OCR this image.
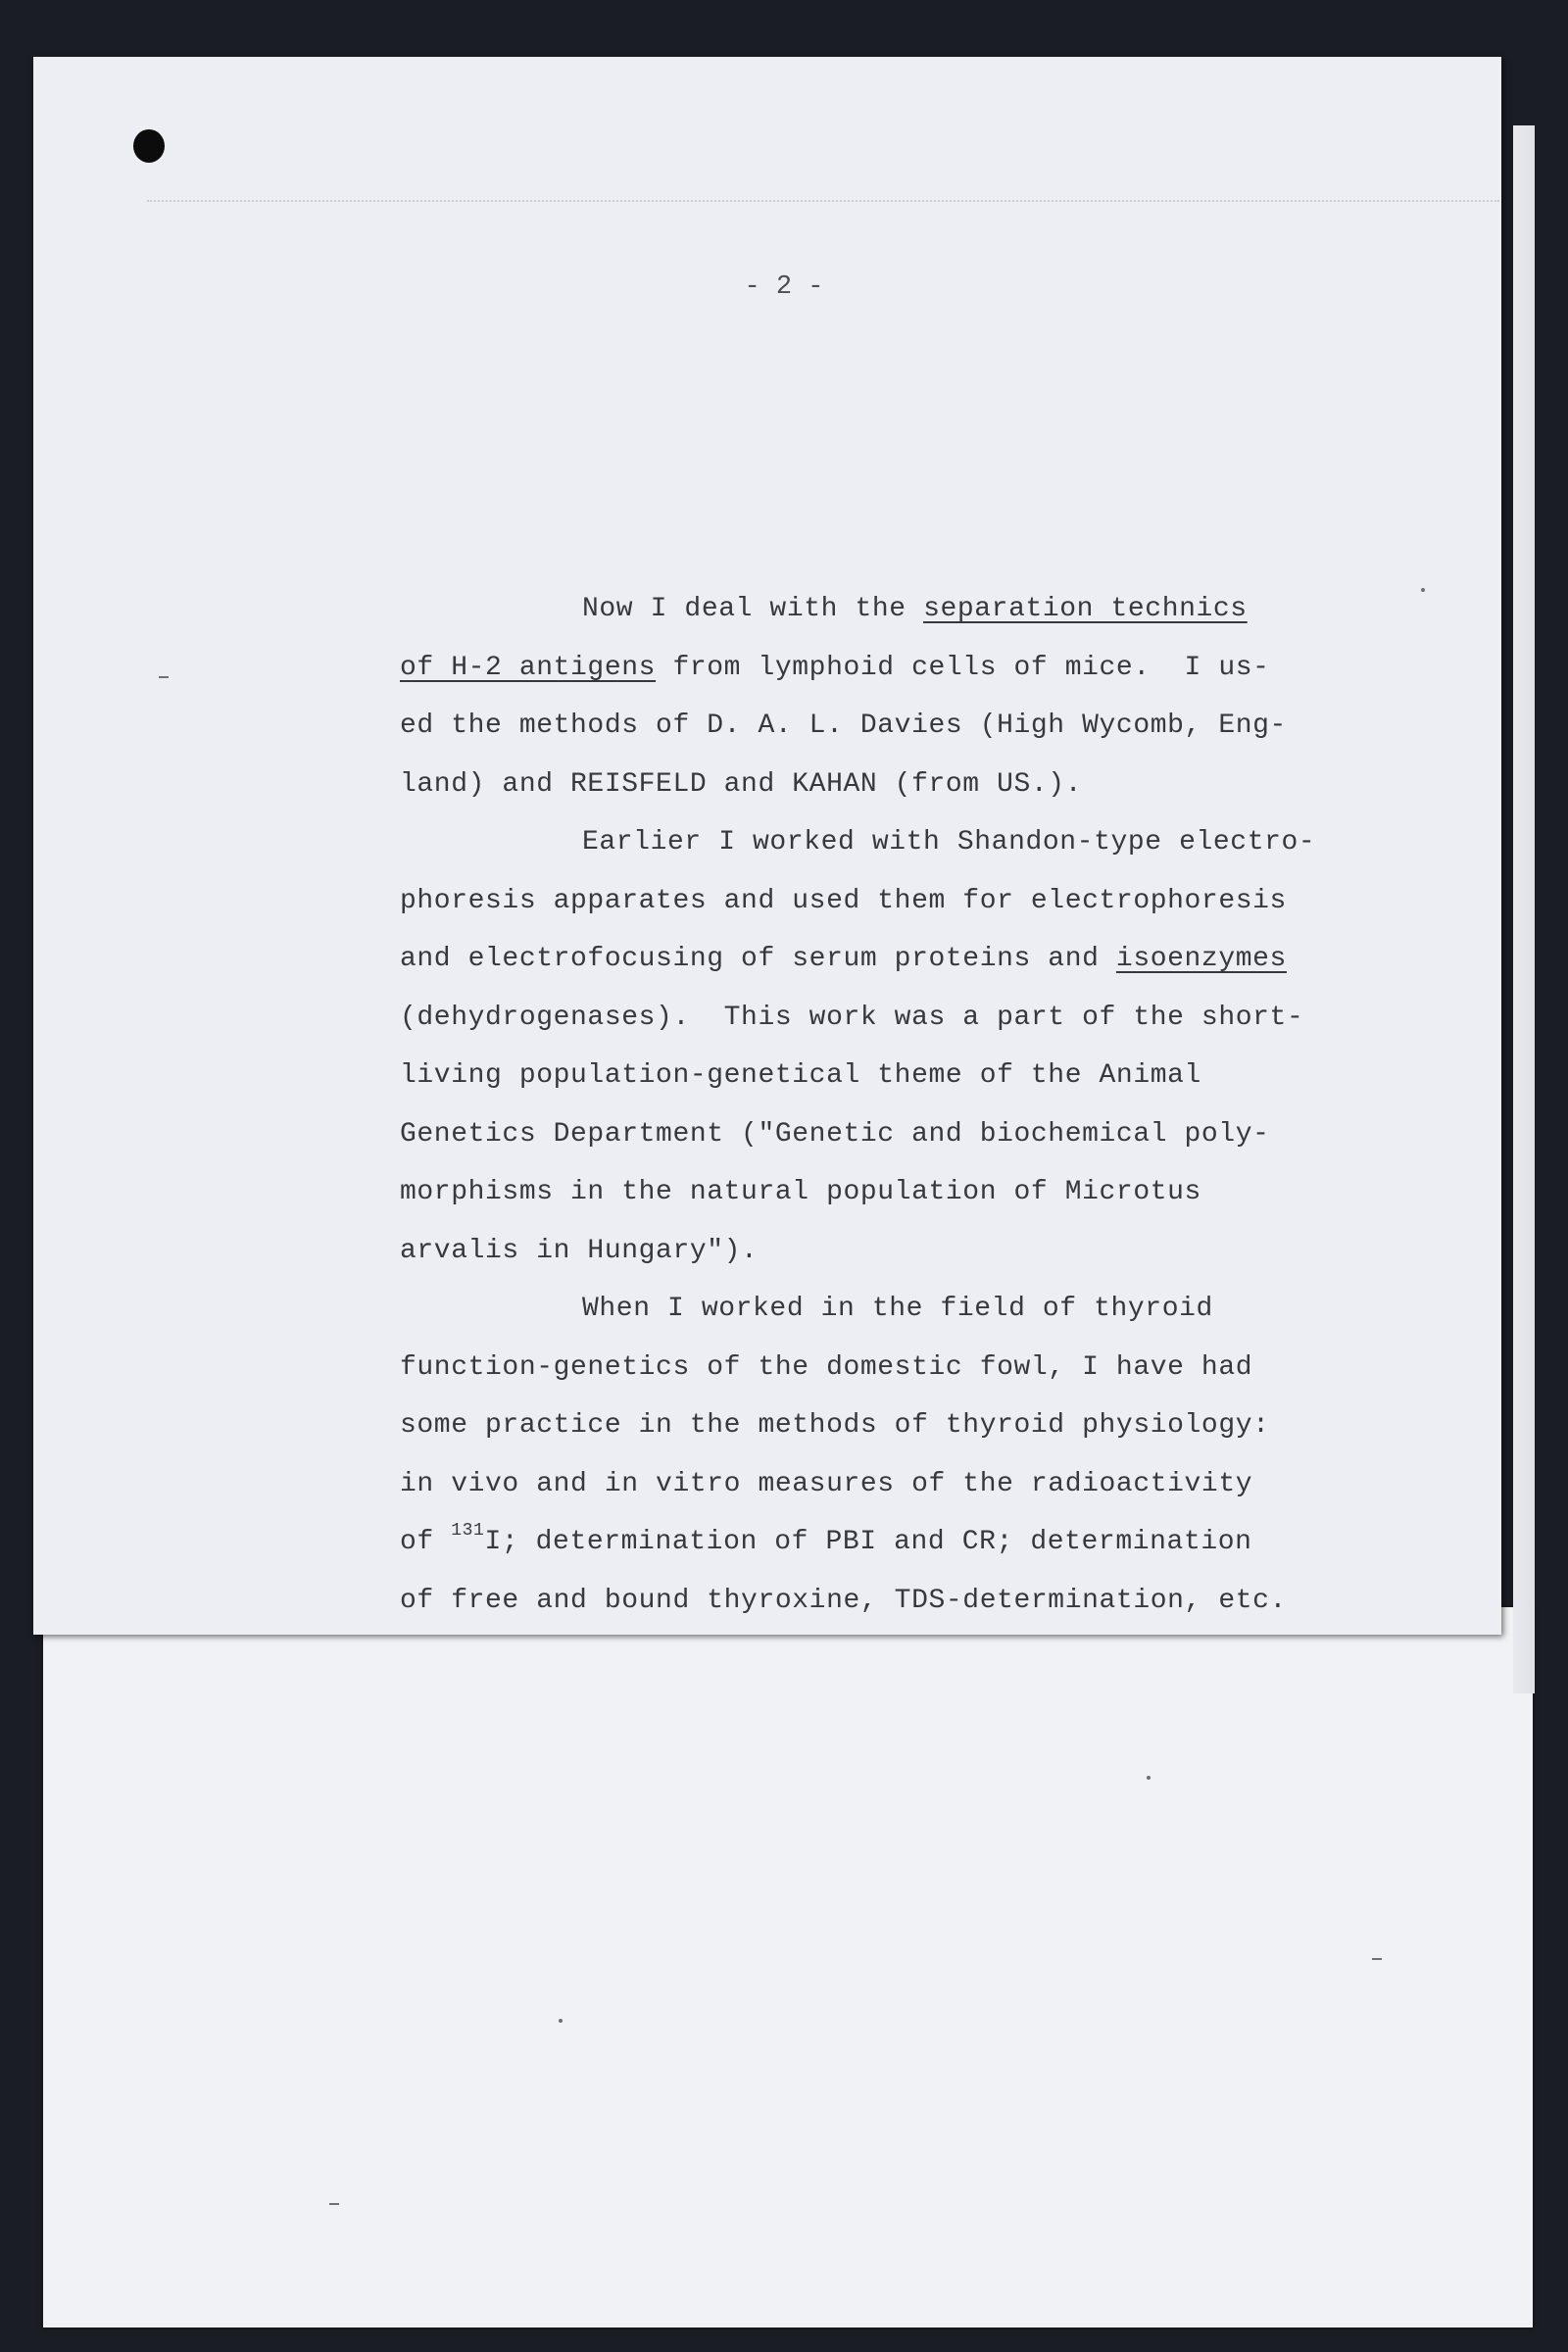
- 2 -
Now I deal with the separation technics
of H-2 antigens from lymphoid cells of mice.  I us-
ed the methods of D. A. L. Davies (High Wycomb, Eng-
land) and REISFELD and KAHAN (from US.).
Earlier I worked with Shandon-type electro-
phoresis apparates and used them for electrophoresis
and electrofocusing of serum proteins and isoenzymes
(dehydrogenases).  This work was a part of the short-
living population-genetical theme of the Animal
Genetics Department ("Genetic and biochemical poly-
morphisms in the natural population of Microtus
arvalis in Hungary").
When I worked in the field of thyroid
function-genetics of the domestic fowl, I have had
some practice in the methods of thyroid physiology:
in vivo and in vitro measures of the radioactivity
of $^{131}$I; determination of PBI and CR; determination
of free and bound thyroxine, TDS-determination, etc.
